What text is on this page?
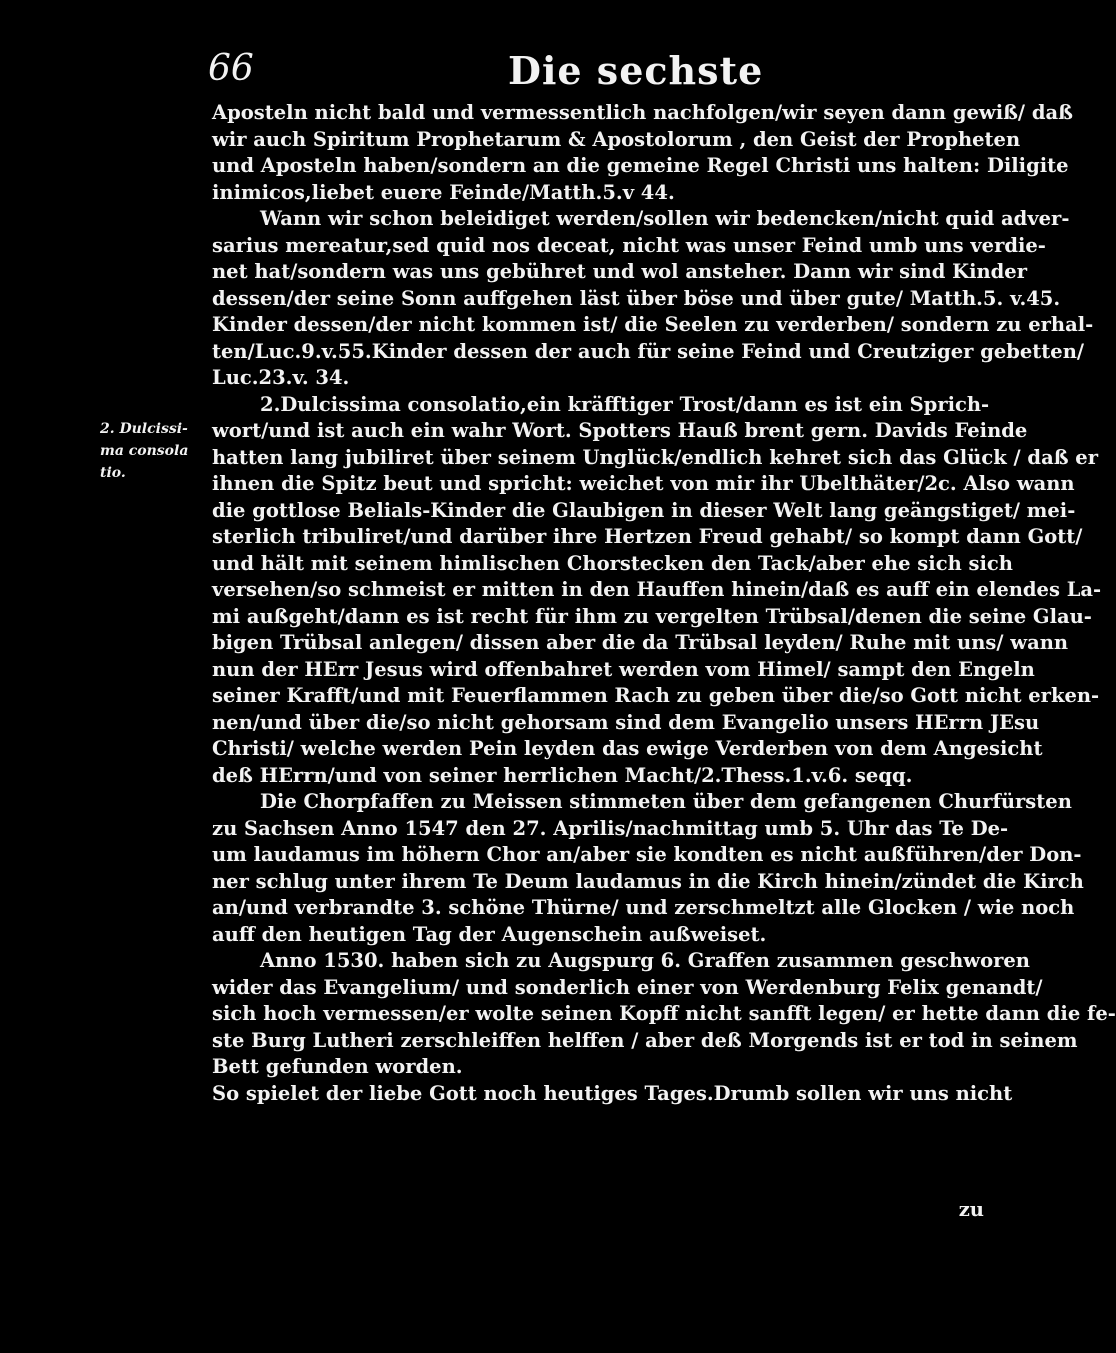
66	Die sechste
2. Dulcissi-
ma consola
tio.
Aposteln nicht bald und vermessentlich nachfolgen/wir seyen dann gewiß/ daß
wir auch Spiritum Prophetarum & Apostolorum , den Geist der Propheten
und Aposteln haben/sondern an die gemeine Regel Christi uns halten: Diligite
inimicos,liebet euere Feinde/Matth.5.v 44.
Wann wir schon beleidiget werden/sollen wir bedencken/nicht quid adver-
sarius mereatur,sed quid nos deceat, nicht was unser Feind umb uns verdie-
net hat/sondern was uns gebühret und wol ansteher. Dann wir sind Kinder
dessen/der seine Sonn auffgehen läst über böse und über gute/ Matth.5. v.45.
Kinder dessen/der nicht kommen ist/ die Seelen zu verderben/ sondern zu erhal-
ten/Luc.9.v.55.Kinder dessen der auch für seine Feind und Creutziger gebetten/
Luc.23.v. 34.
2.Dulcissima consolatio,ein kräfftiger Trost/dann es ist ein Sprich-
wort/und ist auch ein wahr Wort. Spotters Hauß brent gern. Davids Feinde
hatten lang jubiliret über seinem Unglück/endlich kehret sich das Glück / daß er
ihnen die Spitz beut und spricht: weichet von mir ihr Ubelthäter/2c. Also wann
die gottlose Belials-Kinder die Glaubigen in dieser Welt lang geängstiget/ mei-
sterlich tribuliret/und darüber ihre Hertzen Freud gehabt/ so kompt dann Gott/
und hält mit seinem himlischen Chorstecken den Tack/aber ehe sich sich
versehen/so schmeist er mitten in den Hauffen hinein/daß es auff ein elendes La-
mi außgeht/dann es ist recht für ihm zu vergelten Trübsal/denen die seine Glau-
bigen Trübsal anlegen/ dissen aber die da Trübsal leyden/ Ruhe mit uns/ wann
nun der HErr Jesus wird offenbahret werden vom Himel/ sampt den Engeln
seiner Krafft/und mit Feuerflammen Rach zu geben über die/so Gott nicht erken-
nen/und über die/so nicht gehorsam sind dem Evangelio unsers HErrn JEsu
Christi/ welche werden Pein leyden das ewige Verderben von dem Angesicht
deß HErrn/und von seiner herrlichen Macht/2.Thess.1.v.6. seqq.
Die Chorpfaffen zu Meissen stimmeten über dem gefangenen Churfürsten
zu Sachsen Anno 1547 den 27. Aprilis/nachmittag umb 5. Uhr das Te De-
um laudamus im höhern Chor an/aber sie kondten es nicht außführen/der Don-
ner schlug unter ihrem Te Deum laudamus in die Kirch hinein/zündet die Kirch
an/und verbrandte 3. schöne Thürne/ und zerschmeltzt alle Glocken / wie noch
auff den heutigen Tag der Augenschein außweiset.
Anno 1530. haben sich zu Augspurg 6. Graffen zusammen geschworen
wider das Evangelium/ und sonderlich einer von Werdenburg Felix genandt/
sich hoch vermessen/er wolte seinen Kopff nicht sanfft legen/ er hette dann die fe-
ste Burg Lutheri zerschleiffen helffen / aber deß Morgends ist er tod in seinem
Bett gefunden worden.
So spielet der liebe Gott noch heutiges Tages.Drumb sollen wir uns nicht
zu
